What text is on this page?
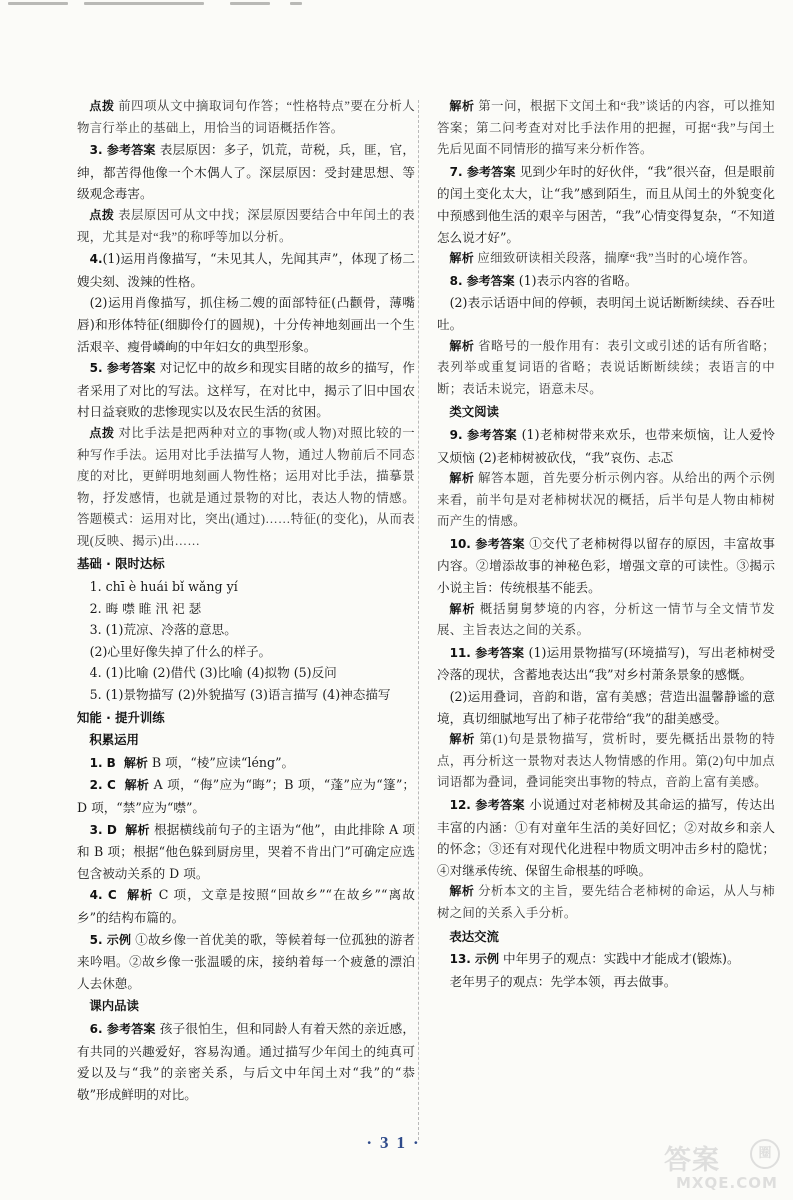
点拨 前四项从文中摘取词句作答；“性格特点”要在分析人物言行举止的基础上，用恰当的词语概括作答。

3. 参考答案 表层原因：多子，饥荒，苛税，兵，匪，官，绅，都苦得他像一个木偶人了。深层原因：受封建思想、等级观念毒害。

点拨 表层原因可从文中找；深层原因要结合中年闰土的表现，尤其是对“我”的称呼等加以分析。

4.(1)运用肖像描写，“未见其人，先闻其声”，体现了杨二嫂尖刻、泼辣的性格。

(2)运用肖像描写，抓住杨二嫂的面部特征(凸颧骨，薄嘴唇)和形体特征(细脚伶仃的圆规)，十分传神地刻画出一个生活艰辛、瘦骨嶙峋的中年妇女的典型形象。

5. 参考答案 对记忆中的故乡和现实目睹的故乡的描写，作者采用了对比的写法。这样写，在对比中，揭示了旧中国农村日益衰败的悲惨现实以及农民生活的贫困。

点拨 对比手法是把两种对立的事物(或人物)对照比较的一种写作手法。运用对比手法描写人物，通过人物前后不同态度的对比，更鲜明地刻画人物性格；运用对比手法，描摹景物，抒发感情，也就是通过景物的对比，表达人物的情感。答题模式：运用对比，突出(通过)……特征(的变化)，从而表现(反映、揭示)出……

基础 · 限时达标

1. chī è huái bǐ wǎng yí

2. 晦 噤 睢 汛 祀 瑟

3. (1)荒凉、冷落的意思。

(2)心里好像失掉了什么的样子。

4. (1)比喻 (2)借代 (3)比喻 (4)拟物 (5)反问

5. (1)景物描写 (2)外貌描写 (3)语言描写 (4)神态描写

知能 · 提升训练

积累运用

1. B 解析 B 项，“棱”应读“léng”。

2. C 解析 A 项，“侮”应为“晦”；B 项，“蓬”应为“篷”；D 项，“禁”应为“噤”。

3. D 解析 根据横线前句子的主语为“他”，由此排除 A 项和 B 项；根据“他色躲到厨房里，哭着不肯出门”可确定应选包含被动关系的 D 项。

4. C 解析 C 项，文章是按照“回故乡”“在故乡”“离故乡”的结构布篇的。

5. 示例 ①故乡像一首优美的歌，等候着每一位孤独的游者来吟唱。②故乡像一张温暖的床，接纳着每一个疲惫的漂泊人去休憩。

课内品读

6. 参考答案 孩子很怕生，但和同龄人有着天然的亲近感，有共同的兴趣爱好，容易沟通。通过描写少年闰土的纯真可爱以及与“我”的亲密关系，与后文中年闰土对“我”的“恭敬”形成鲜明的对比。

解析 第一问，根据下文闰土和“我”谈话的内容，可以推知答案；第二问考查对对比手法作用的把握，可据“我”与闰土先后见面不同情形的描写来分析作答。

7. 参考答案 见到少年时的好伙伴，“我”很兴奋，但是眼前的闰土变化太大，让“我”感到陌生，而且从闰土的外貌变化中预感到他生活的艰辛与困苦，“我”心情变得复杂，“不知道怎么说才好”。

解析 应细致研读相关段落，揣摩“我”当时的心境作答。

8. 参考答案 (1)表示内容的省略。

(2)表示话语中间的停顿，表明闰土说话断断续续、吞吞吐吐。

解析 省略号的一般作用有：表引文或引述的话有所省略；表列举或重复词语的省略；表说话断断续续；表语言的中断；表话未说完，语意未尽。

类文阅读

9. 参考答案 (1)老柿树带来欢乐，也带来烦恼，让人爱怜又烦恼 (2)老柿树被砍伐，“我”哀伤、忐忑

解析 解答本题，首先要分析示例内容。从给出的两个示例来看，前半句是对老柿树状况的概括，后半句是人物由柿树而产生的情感。

10. 参考答案 ①交代了老柿树得以留存的原因，丰富故事内容。②增添故事的神秘色彩，增强文章的可读性。③揭示小说主旨：传统根基不能丢。

解析 概括舅舅梦境的内容，分析这一情节与全文情节发展、主旨表达之间的关系。

11. 参考答案 (1)运用景物描写(环境描写)，写出老柿树受冷落的现状，含蓄地表达出“我”对乡村萧条景象的感慨。

(2)运用叠词，音韵和谐，富有美感；营造出温馨静谧的意境，真切细腻地写出了柿子花带给“我”的甜美感受。

解析 第(1)句是景物描写，赏析时，要先概括出景物的特点，再分析这一景物对表达人物情感的作用。第(2)句中加点词语都为叠词，叠词能突出事物的特点，音韵上富有美感。

12. 参考答案 小说通过对老柿树及其命运的描写，传达出丰富的内涵：①有对童年生活的美好回忆；②对故乡和亲人的怀念；③还有对现代化进程中物质文明冲击乡村的隐忧；④对继承传统、保留生命根基的呼唤。

解析 分析本文的主旨，要先结合老柿树的命运，从人与柿树之间的关系入手分析。

表达交流

13. 示例 中年男子的观点：实践中才能成才(锻炼)。

老年男子的观点：先学本领，再去做事。

·31·
答案	圈
MXQE.COM
